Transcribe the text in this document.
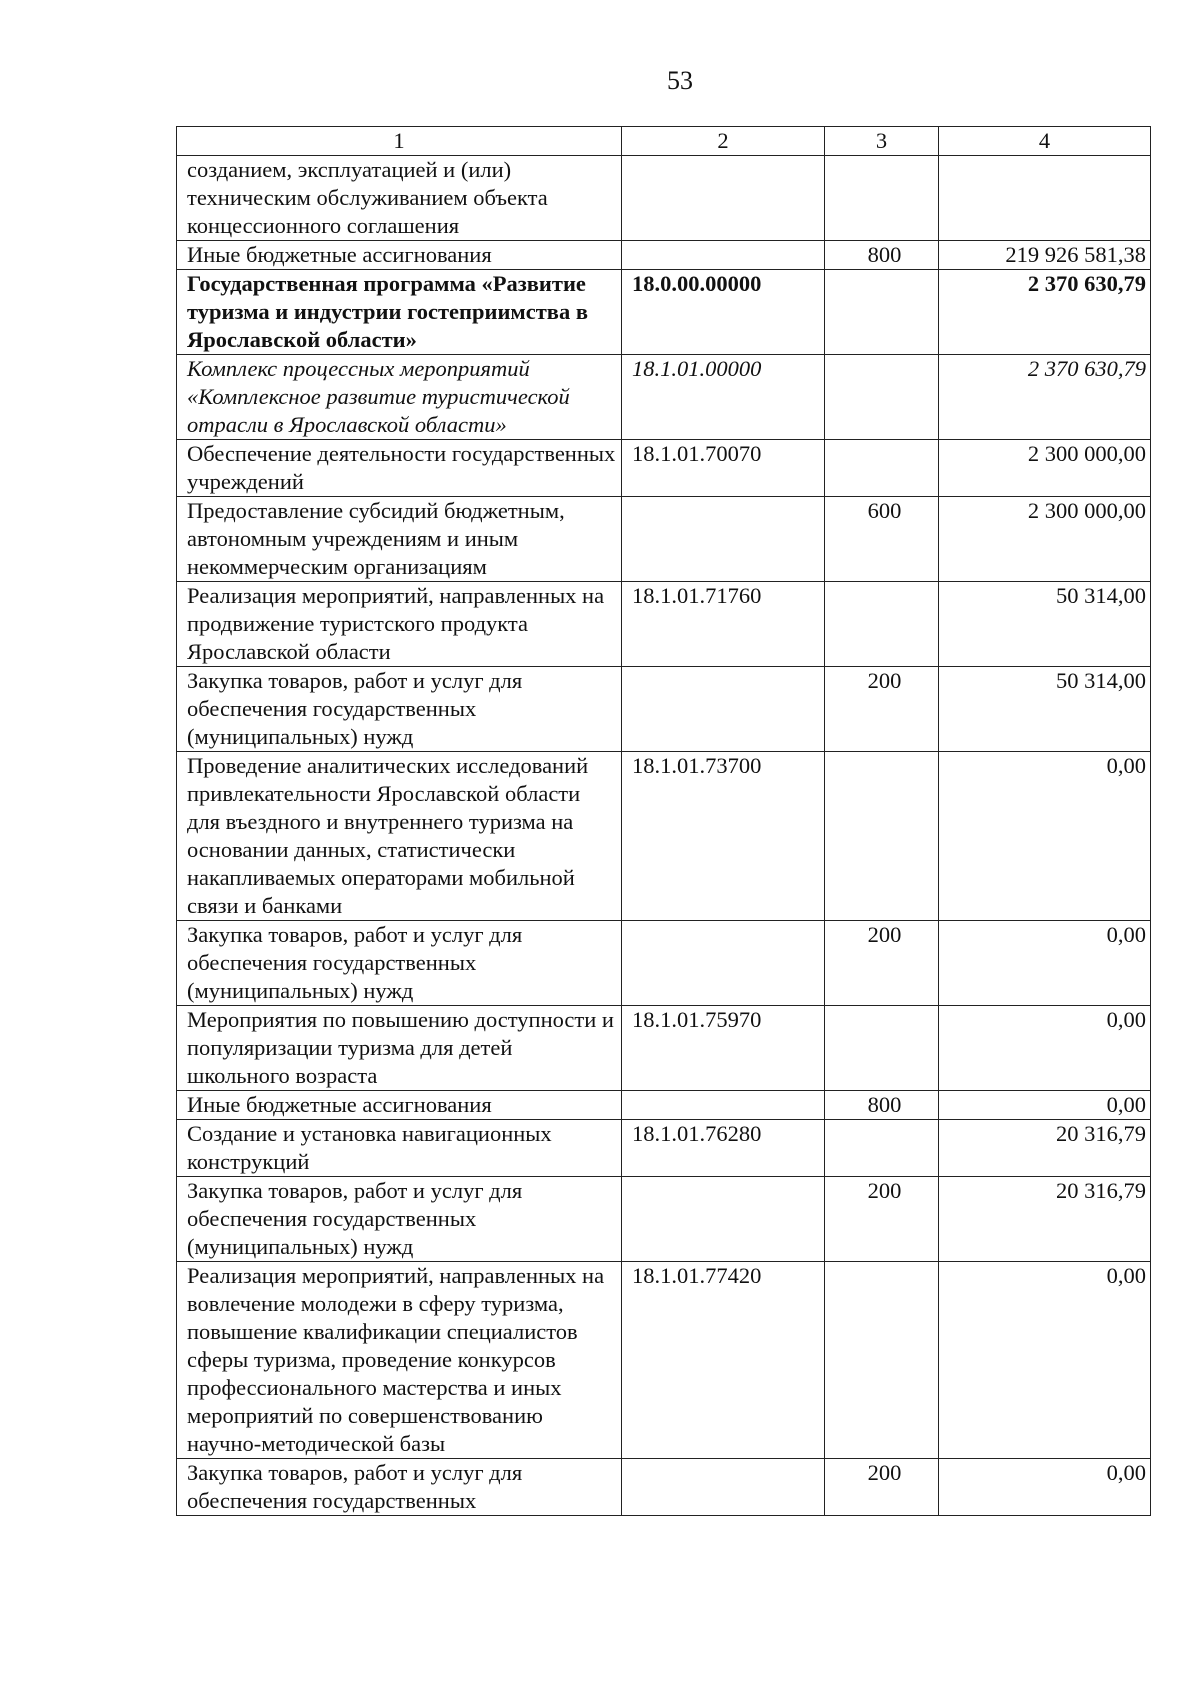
53
1	2	3	4
созданием, эксплуатацией и (или) техническим обслуживанием объекта концессионного соглашения			
Иные бюджетные ассигнования		800	219 926 581,38
Государственная программа «Развитие туризма и индустрии гостеприимства в Ярославской области»	18.0.00.00000		2 370 630,79
Комплекс процессных мероприятий «Комплексное развитие туристической отрасли в Ярославской области»	18.1.01.00000		2 370 630,79
Обеспечение деятельности государственных учреждений	18.1.01.70070		2 300 000,00
Предоставление субсидий бюджетным, автономным учреждениям и иным некоммерческим организациям		600	2 300 000,00
Реализация мероприятий, направленных на продвижение туристского продукта Ярославской области	18.1.01.71760		50 314,00
Закупка товаров, работ и услуг для обеспечения государственных (муниципальных) нужд		200	50 314,00
Проведение аналитических исследований привлекательности Ярославской области для въездного и внутреннего туризма на основании данных, статистически накапливаемых операторами мобильной связи и банками	18.1.01.73700		0,00
Закупка товаров, работ и услуг для обеспечения государственных (муниципальных) нужд		200	0,00
Мероприятия по повышению доступности и популяризации туризма для детей школьного возраста	18.1.01.75970		0,00
Иные бюджетные ассигнования		800	0,00
Создание и установка навигационных конструкций	18.1.01.76280		20 316,79
Закупка товаров, работ и услуг для обеспечения государственных (муниципальных) нужд		200	20 316,79
Реализация мероприятий, направленных на вовлечение молодежи в сферу туризма, повышение квалификации специалистов сферы туризма, проведение конкурсов профессионального мастерства и иных мероприятий по совершенствованию научно-методической базы	18.1.01.77420		0,00
Закупка товаров, работ и услуг для обеспечения государственных		200	0,00
